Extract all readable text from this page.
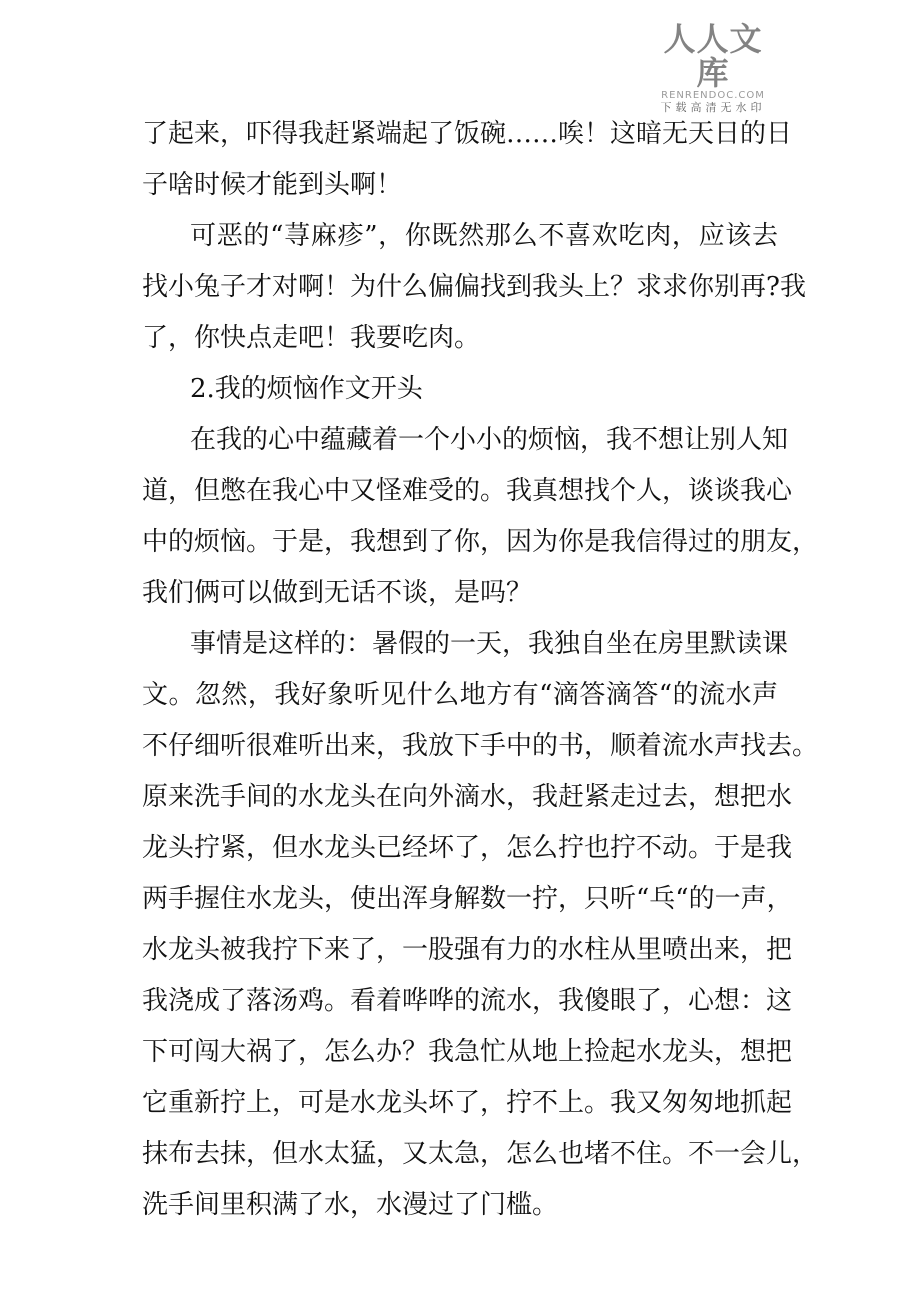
了起来，吓得我赶紧端起了饭碗……唉！这暗无天日的日
子啥时候才能到头啊！
可恶的“荨麻疹”，你既然那么不喜欢吃肉，应该去
找小兔子才对啊！为什么偏偏找到我头上？求求你别再?我
了，你快点走吧！我要吃肉。
2.我的烦恼作文开头
在我的心中蕴藏着一个小小的烦恼，我不想让别人知
道，但憋在我心中又怪难受的。我真想找个人，谈谈我心
中的烦恼。于是，我想到了你，因为你是我信得过的朋友，
我们俩可以做到无话不谈，是吗？
事情是这样的：暑假的一天，我独自坐在房里默读课
文。忽然，我好象听见什么地方有“滴答滴答“的流水声
不仔细听很难听出来，我放下手中的书，顺着流水声找去。
原来洗手间的水龙头在向外滴水，我赶紧走过去，想把水
龙头拧紧，但水龙头已经坏了，怎么拧也拧不动。于是我
两手握住水龙头，使出浑身解数一拧，只听“乓“的一声，
水龙头被我拧下来了，一股强有力的水柱从里喷出来，把
我浇成了落汤鸡。看着哗哗的流水，我傻眼了，心想：这
下可闯大祸了，怎么办？我急忙从地上捡起水龙头，想把
它重新拧上，可是水龙头坏了，拧不上。我又匆匆地抓起
抹布去抹，但水太猛，又太急，怎么也堵不住。不一会儿，
洗手间里积满了水，水漫过了门槛。
人人文库
RENRENDOC.COM
下载高清无水印
